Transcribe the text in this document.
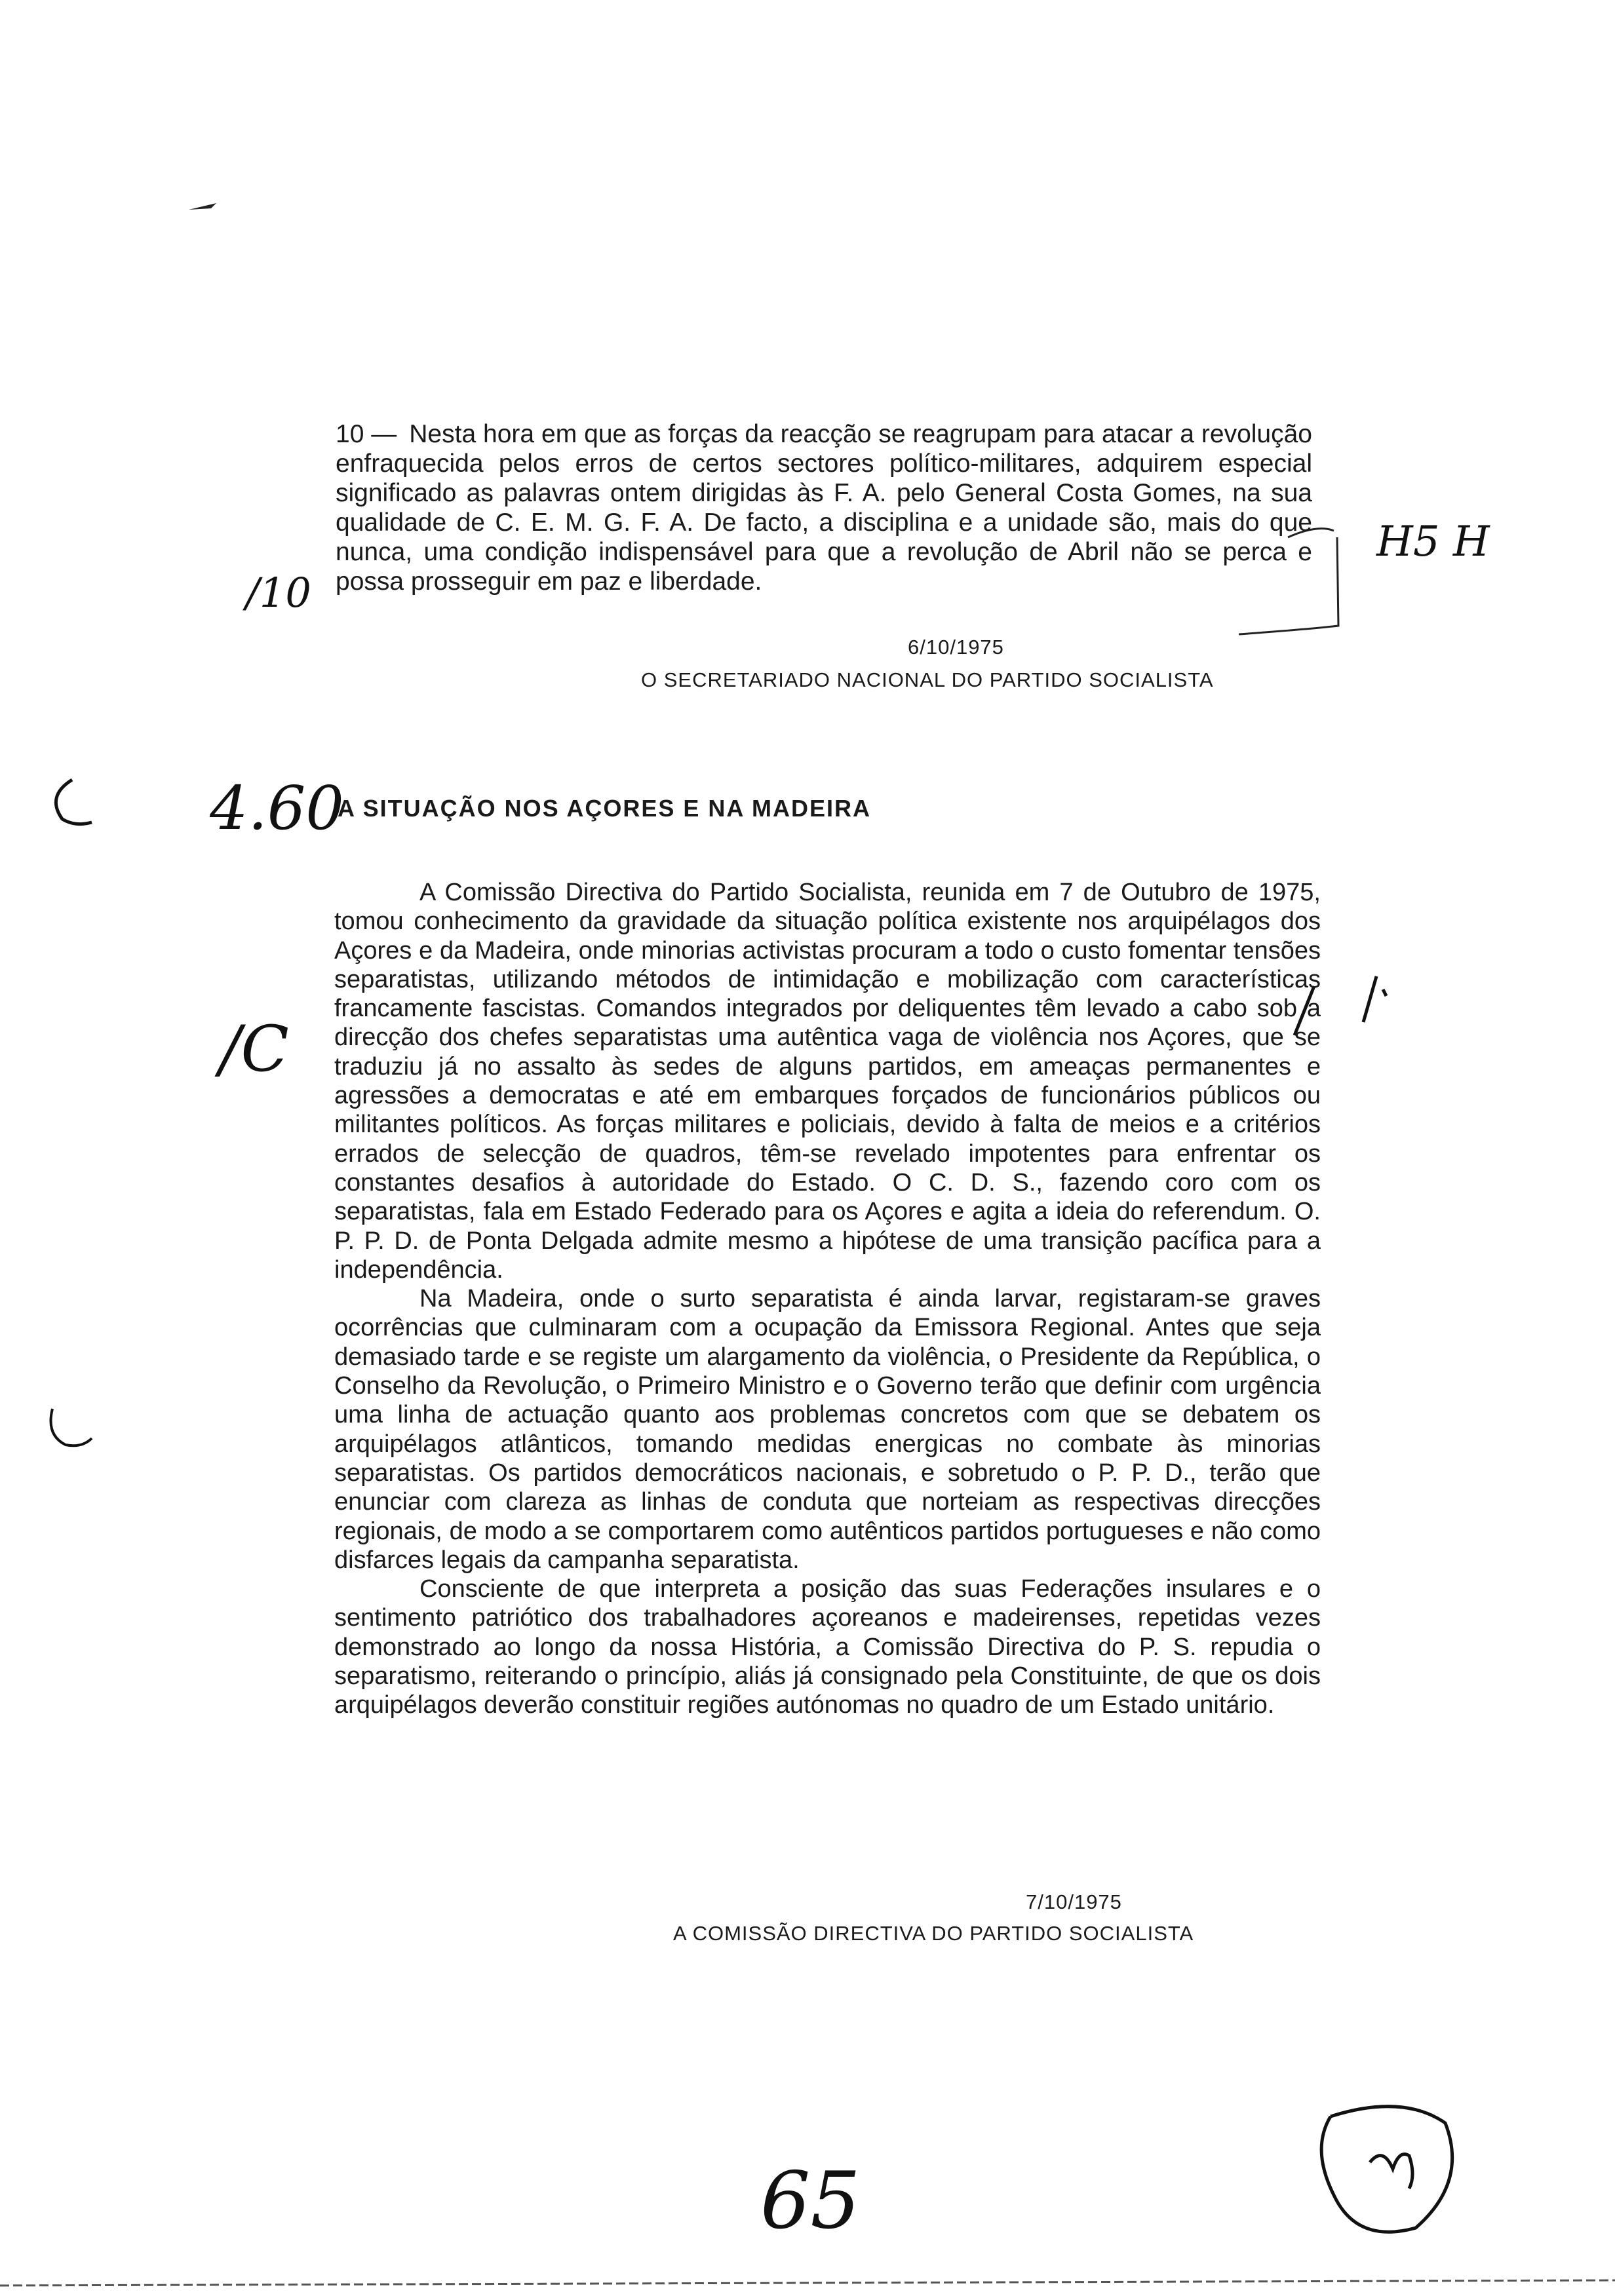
10 — Nesta hora em que as forças da reacção se reagrupam para atacar a revolução enfraquecida pelos erros de certos sectores político-militares, adquirem especial significado as palavras ontem dirigidas às F. A. pelo General Costa Gomes, na sua qualidade de C. E. M. G. F. A. De facto, a disciplina e a unidade são, mais do que nunca, uma condição indispensável para que a revolução de Abril não se perca e possa prosseguir em paz e liberdade.

6/10/1975

O SECRETARIADO NACIONAL DO PARTIDO SOCIALISTA

A SITUAÇÃO NOS AÇORES E NA MADEIRA

A Comissão Directiva do Partido Socialista, reunida em 7 de Outubro de 1975, tomou conhecimento da gravidade da situação política existente nos arquipélagos dos Açores e da Madeira, onde minorias activistas procuram a todo o custo fomentar tensões separatistas, utilizando métodos de intimidação e mobilização com características francamente fascistas. Comandos integrados por deliquentes têm levado a cabo sob a direcção dos chefes separatistas uma autêntica vaga de violência nos Açores, que se traduziu já no assalto às sedes de alguns partidos, em ameaças permanentes e agressões a democratas e até em embarques forçados de funcionários públicos ou militantes políticos. As forças militares e policiais, devido à falta de meios e a critérios errados de selecção de quadros, têm-se revelado impotentes para enfrentar os constantes desafios à autoridade do Estado. O C. D. S., fazendo coro com os separatistas, fala em Estado Federado para os Açores e agita a ideia do referendum. O. P. P. D. de Ponta Delgada admite mesmo a hipótese de uma transição pacífica para a independência.

Na Madeira, onde o surto separatista é ainda larvar, registaram-se graves ocorrências que culminaram com a ocupação da Emissora Regional. Antes que seja demasiado tarde e se registe um alargamento da violência, o Presidente da República, o Conselho da Revolução, o Primeiro Ministro e o Governo terão que definir com urgência uma linha de actuação quanto aos problemas concretos com que se debatem os arquipélagos atlânticos, tomando medidas energicas no combate às minorias separatistas. Os partidos democráticos nacionais, e sobretudo o P. P. D., terão que enunciar com clareza as linhas de conduta que norteiam as respectivas direcções regionais, de modo a se comportarem como autênticos partidos portugueses e não como disfarces legais da campanha separatista.

Consciente de que interpreta a posição das suas Federações insulares e o sentimento patriótico dos trabalhadores açoreanos e madeirenses, repetidas vezes demonstrado ao longo da nossa História, a Comissão Directiva do P. S. repudia o separatismo, reiterando o princípio, aliás já consignado pela Constituinte, de que os dois arquipélagos deverão constituir regiões autónomas no quadro de um Estado unitário.

7/10/1975

A COMISSÃO DIRECTIVA DO PARTIDO SOCIALISTA

/10

4.60

/C

H5 H

65
